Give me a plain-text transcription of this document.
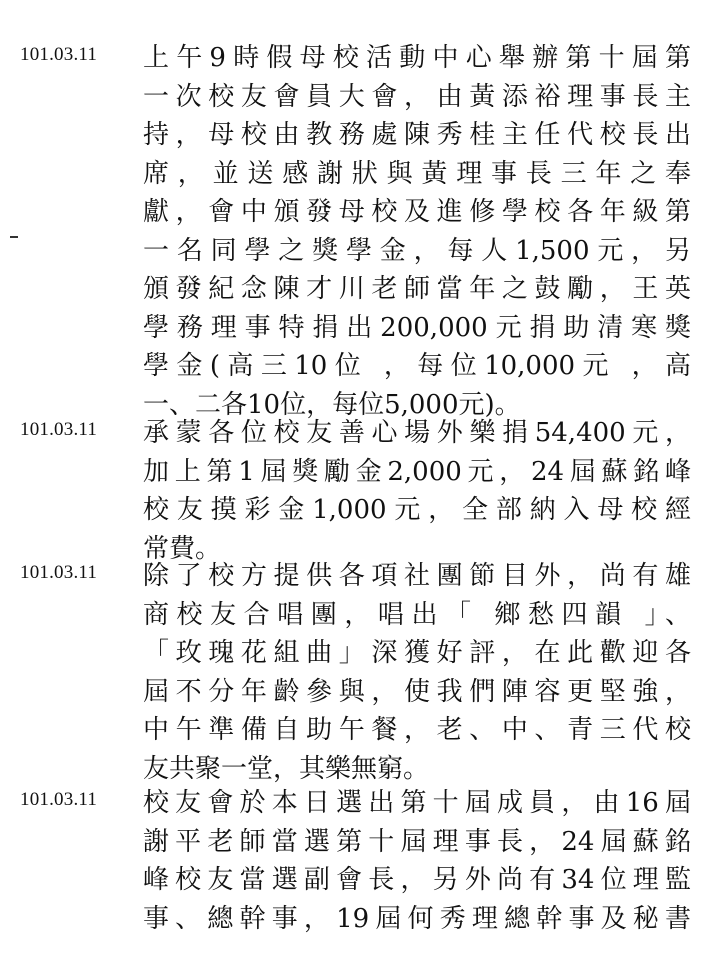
101.03.11	上午9時假母校活動中心舉辦第十屆第
一次校友會員大會，由黃添裕理事長主
持，母校由教務處陳秀桂主任代校長出
席，並送感謝狀與黃理事長三年之奉
獻，會中頒發母校及進修學校各年級第
一名同學之獎學金，每人1,500元，另
頒發紀念陳才川老師當年之鼓勵，王英
學務理事特捐出200,000元捐助清寒獎
學金(高三10位 ，每位10,000元 ，高
一、二各10位，每位5,000元)。
101.03.11	承蒙各位校友善心場外樂捐54,400元，
加上第1屆獎勵金2,000元，24屆蘇銘峰
校友摸彩金1,000元，全部納入母校經
常費。
101.03.11	除了校方提供各項社團節目外，尚有雄
商校友合唱團，唱出「 鄉愁四韻 」、
「玫瑰花組曲」深獲好評，在此歡迎各
屆不分年齡參與，使我們陣容更堅強，
中午準備自助午餐，老、中、青三代校
友共聚一堂，其樂無窮。
101.03.11	校友會於本日選出第十屆成員，由16屆
謝平老師當選第十屆理事長，24屆蘇銘
峰校友當選副會長，另外尚有34位理監
事、總幹事，19屆何秀理總幹事及秘書
